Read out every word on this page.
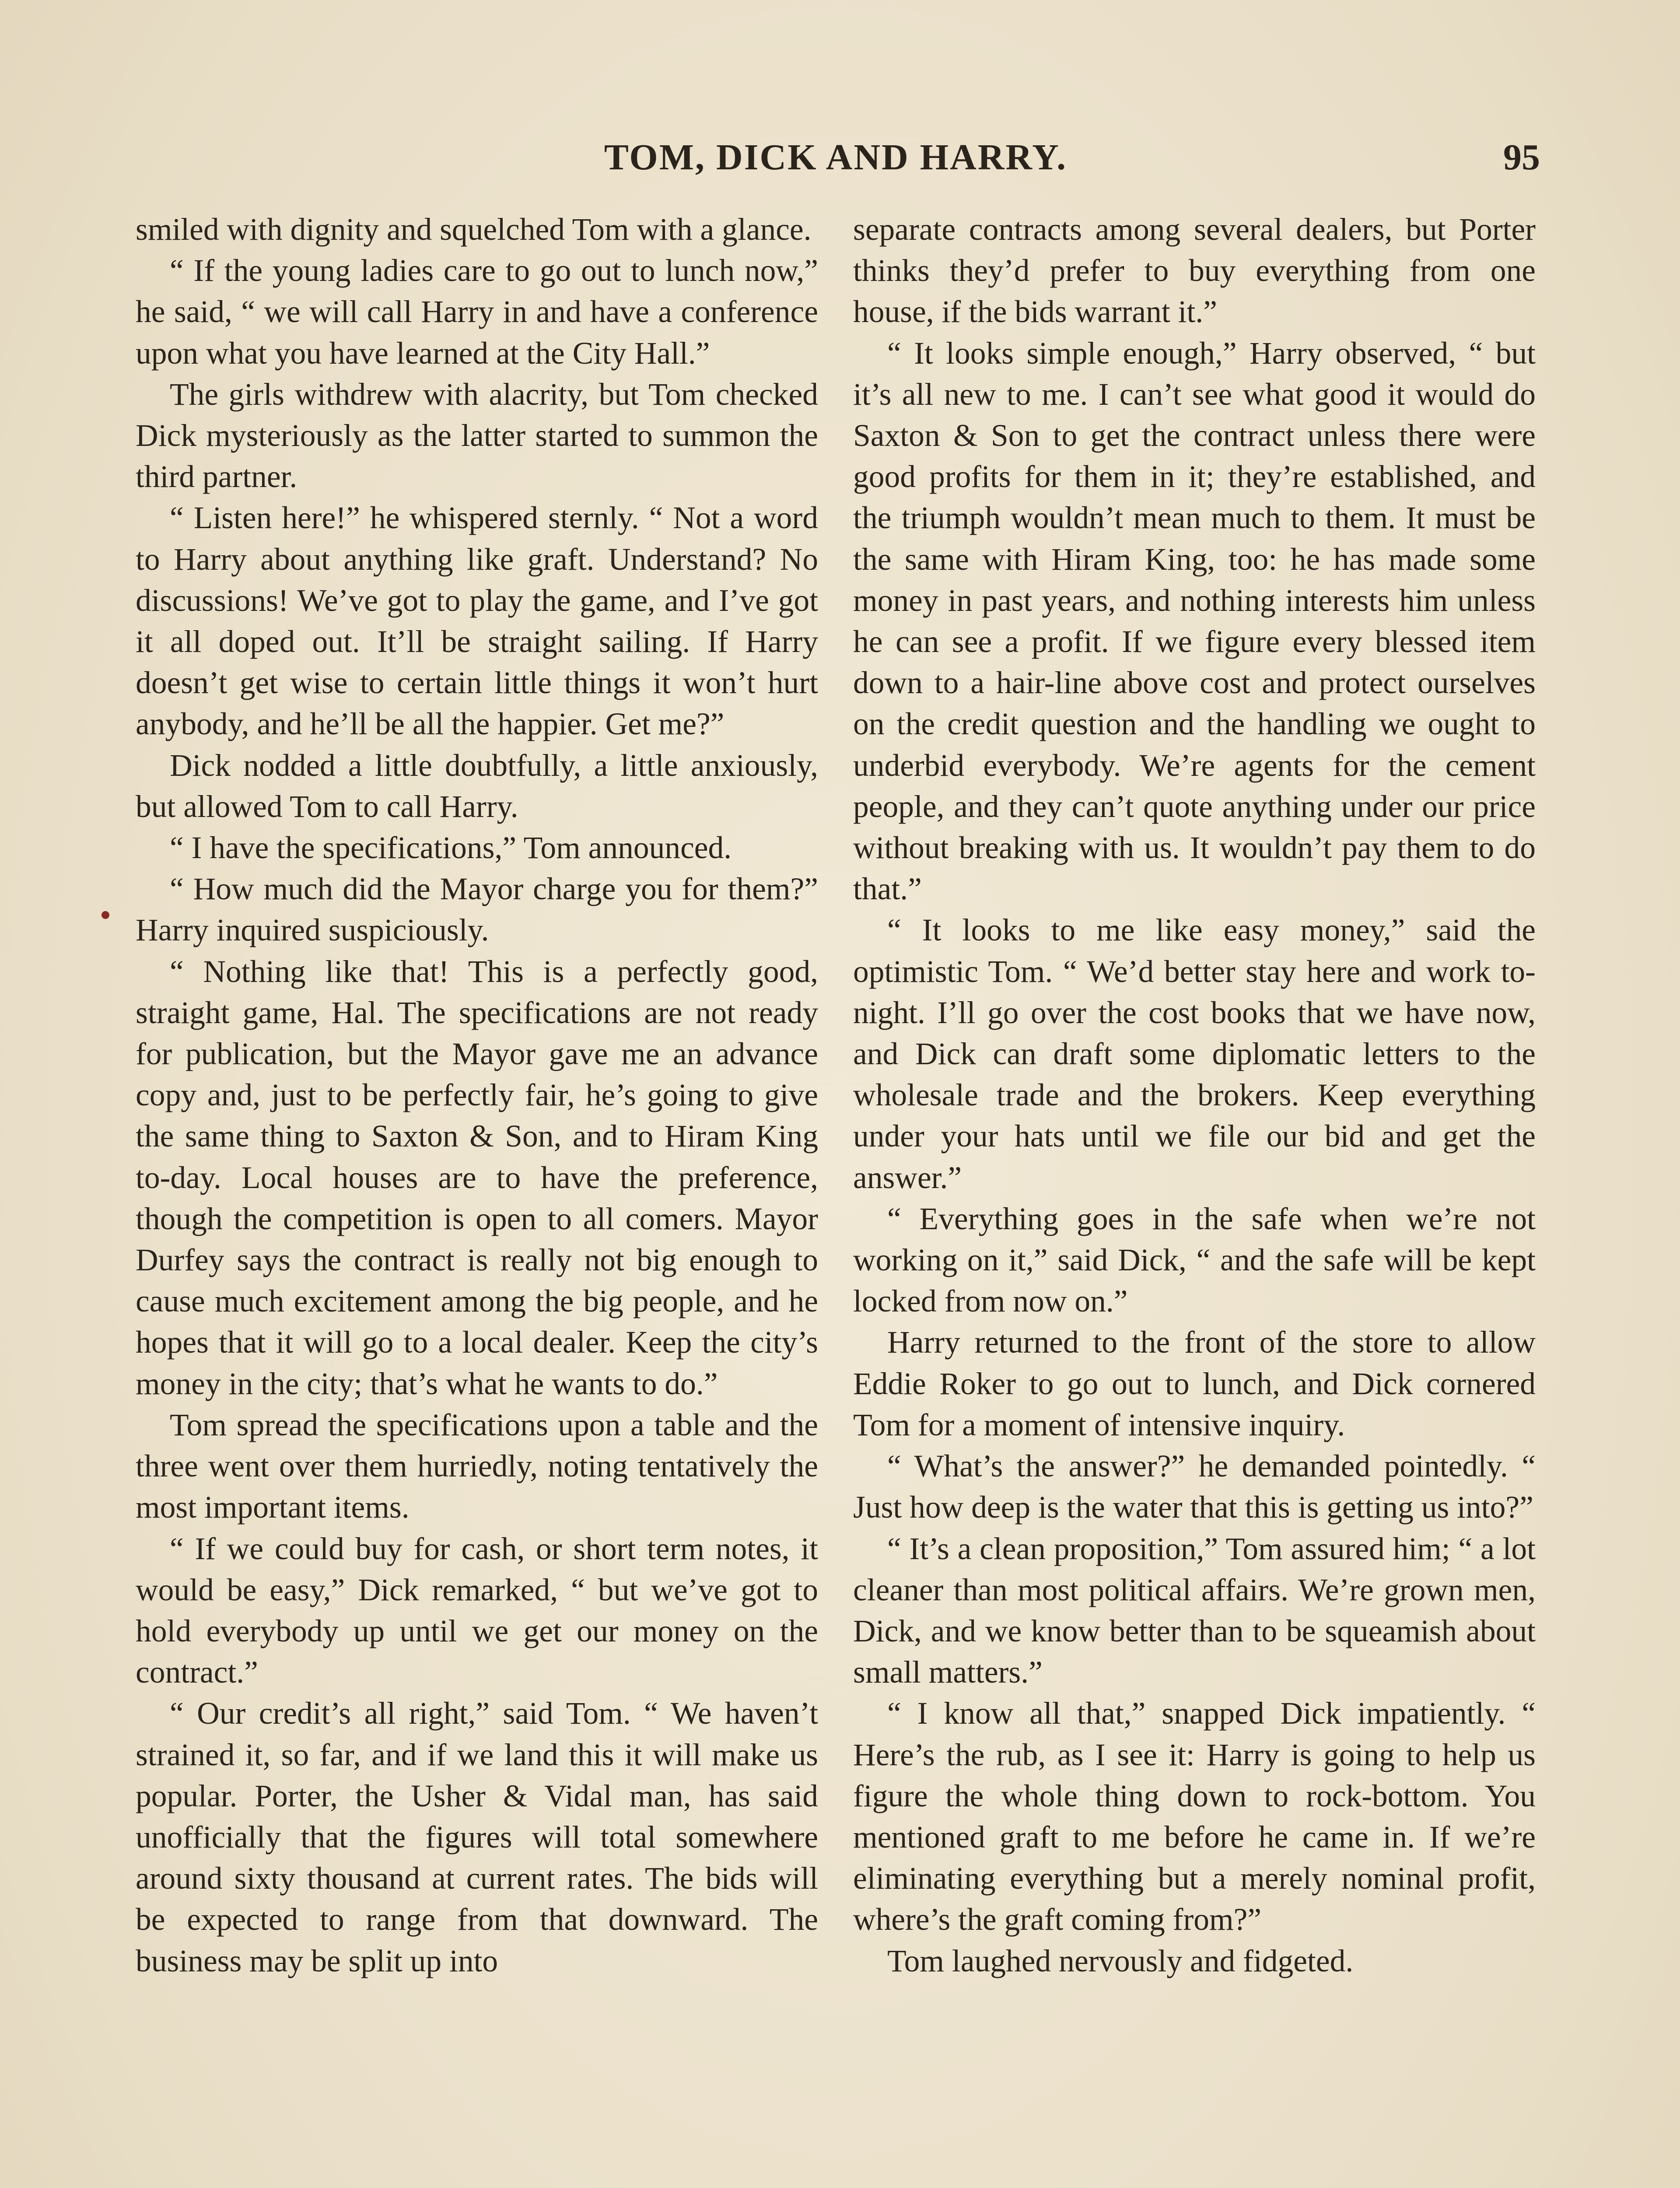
TOM, DICK AND HARRY.	95

smiled with dignity and squelched Tom with a glance.

“ If the young ladies care to go out to lunch now,” he said, “ we will call Harry in and have a conference upon what you have learned at the City Hall.”

The girls withdrew with alacrity, but Tom checked Dick mysteriously as the latter started to summon the third partner.

“ Listen here!” he whispered sternly. “ Not a word to Harry about anything like graft. Understand? No discussions! We’ve got to play the game, and I’ve got it all doped out. It’ll be straight sailing. If Harry doesn’t get wise to certain little things it won’t hurt anybody, and he’ll be all the happier. Get me?”

Dick nodded a little doubtfully, a little anxiously, but allowed Tom to call Harry.

“ I have the specifications,” Tom announced.

“ How much did the Mayor charge you for them?” Harry inquired suspiciously.

“ Nothing like that! This is a perfectly good, straight game, Hal. The specifications are not ready for publication, but the Mayor gave me an advance copy and, just to be perfectly fair, he’s going to give the same thing to Saxton & Son, and to Hiram King to-day. Local houses are to have the preference, though the competition is open to all comers. Mayor Durfey says the contract is really not big enough to cause much excitement among the big people, and he hopes that it will go to a local dealer. Keep the city’s money in the city; that’s what he wants to do.”

Tom spread the specifications upon a table and the three went over them hurriedly, noting tentatively the most important items.

“ If we could buy for cash, or short term notes, it would be easy,” Dick remarked, “ but we’ve got to hold everybody up until we get our money on the contract.”

“ Our credit’s all right,” said Tom. “ We haven’t strained it, so far, and if we land this it will make us popular. Porter, the Usher & Vidal man, has said unofficially that the figures will total somewhere around sixty thousand at current rates. The bids will be expected to range from that downward. The business may be split up into

separate contracts among several dealers, but Porter thinks they’d prefer to buy everything from one house, if the bids warrant it.”

“ It looks simple enough,” Harry observed, “ but it’s all new to me. I can’t see what good it would do Saxton & Son to get the contract unless there were good profits for them in it; they’re established, and the triumph wouldn’t mean much to them. It must be the same with Hiram King, too: he has made some money in past years, and nothing interests him unless he can see a profit. If we figure every blessed item down to a hair-line above cost and protect ourselves on the credit question and the handling we ought to underbid everybody. We’re agents for the cement people, and they can’t quote anything under our price without breaking with us. It wouldn’t pay them to do that.”

“ It looks to me like easy money,” said the optimistic Tom. “ We’d better stay here and work to-night. I’ll go over the cost books that we have now, and Dick can draft some diplomatic letters to the wholesale trade and the brokers. Keep everything under your hats until we file our bid and get the answer.”

“ Everything goes in the safe when we’re not working on it,” said Dick, “ and the safe will be kept locked from now on.”

Harry returned to the front of the store to allow Eddie Roker to go out to lunch, and Dick cornered Tom for a moment of intensive inquiry.

“ What’s the answer?” he demanded pointedly. “ Just how deep is the water that this is getting us into?”

“ It’s a clean proposition,” Tom assured him; “ a lot cleaner than most political affairs. We’re grown men, Dick, and we know better than to be squeamish about small matters.”

“ I know all that,” snapped Dick impatiently. “ Here’s the rub, as I see it: Harry is going to help us figure the whole thing down to rock-bottom. You mentioned graft to me before he came in. If we’re eliminating everything but a merely nominal profit, where’s the graft coming from?”

Tom laughed nervously and fidgeted.
